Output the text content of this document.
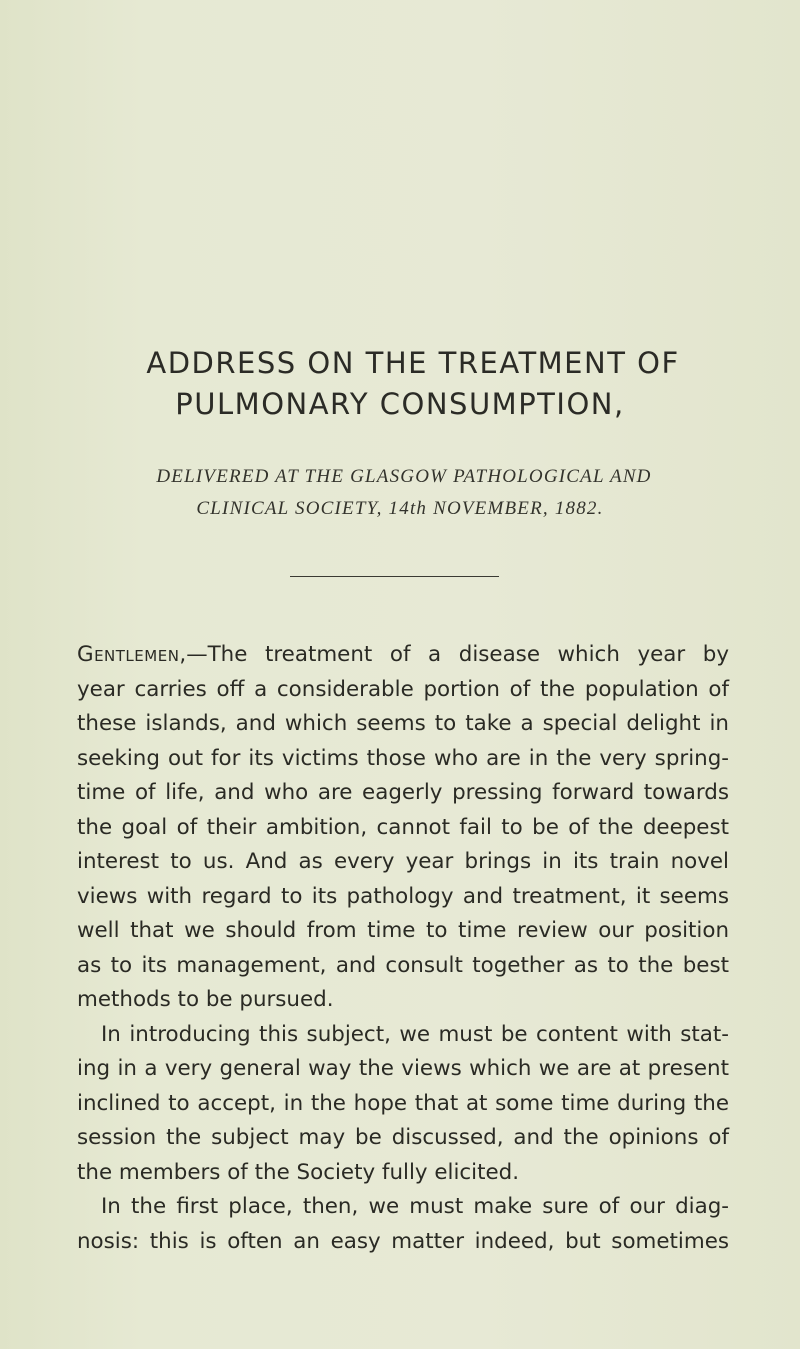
ADDRESS ON THE TREATMENT OF
PULMONARY CONSUMPTION,
DELIVERED AT THE GLASGOW PATHOLOGICAL AND
CLINICAL SOCIETY, 14th NOVEMBER, 1882.
Gentlemen,—The treatment of a disease which year by
year carries off a considerable portion of the population of
these islands, and which seems to take a special delight in
seeking out for its victims those who are in the very spring-
time of life, and who are eagerly pressing forward towards
the goal of their ambition, cannot fail to be of the deepest
interest to us. And as every year brings in its train novel
views with regard to its pathology and treatment, it seems
well that we should from time to time review our position
as to its management, and consult together as to the best
methods to be pursued.
In introducing this subject, we must be content with stat-
ing in a very general way the views which we are at present
inclined to accept, in the hope that at some time during the
session the subject may be discussed, and the opinions of
the members of the Society fully elicited.
In the first place, then, we must make sure of our diag-
nosis: this is often an easy matter indeed, but sometimes
